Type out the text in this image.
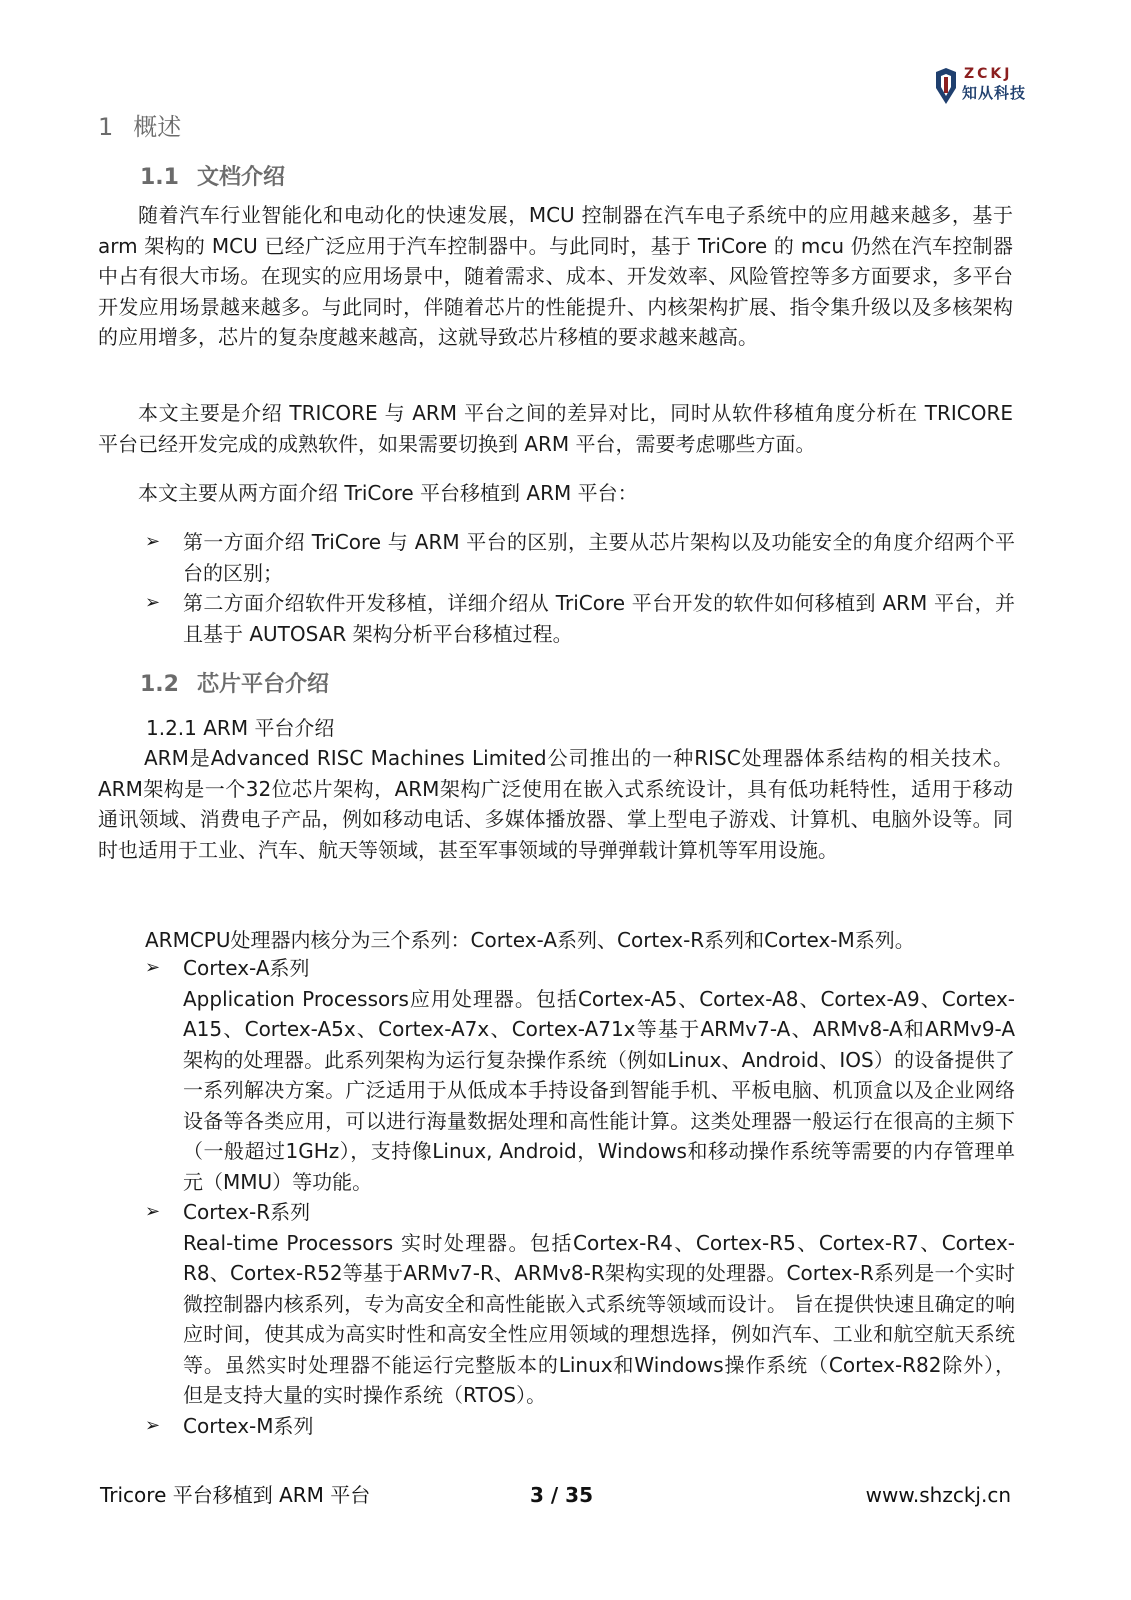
ZCKJ
知从科技
1 概述
1.1 文档介绍
随着汽车行业智能化和电动化的快速发展，MCU 控制器在汽车电子系统中的应用越来越多，基于 arm 架构的 MCU 已经广泛应用于汽车控制器中。与此同时，基于 TriCore 的 mcu 仍然在汽车控制器中占有很大市场。在现实的应用场景中，随着需求、成本、开发效率、风险管控等多方面要求，多平台开发应用场景越来越多。与此同时，伴随着芯片的性能提升、内核架构扩展、指令集升级以及多核架构的应用增多，芯片的复杂度越来越高，这就导致芯片移植的要求越来越高。
本文主要是介绍 TRICORE 与 ARM 平台之间的差异对比，同时从软件移植角度分析在 TRICORE 平台已经开发完成的成熟软件，如果需要切换到 ARM 平台，需要考虑哪些方面。
本文主要从两方面介绍 TriCore 平台移植到 ARM 平台：
➢	第一方面介绍 TriCore 与 ARM 平台的区别，主要从芯片架构以及功能安全的角度介绍两个平台的区别；
➢	第二方面介绍软件开发移植，详细介绍从 TriCore 平台开发的软件如何移植到 ARM 平台，并且基于 AUTOSAR 架构分析平台移植过程。
1.2 芯片平台介绍
1.2.1 ARM 平台介绍
ARM是Advanced RISC Machines Limited公司推出的一种RISC处理器体系结构的相关技术。ARM架构是一个32位芯片架构，ARM架构广泛使用在嵌入式系统设计，具有低功耗特性，适用于移动通讯领域、消费电子产品，例如移动电话、多媒体播放器、掌上型电子游戏、计算机、电脑外设等。同时也适用于工业、汽车、航天等领域，甚至军事领域的导弹弹载计算机等军用设施。
ARMCPU处理器内核分为三个系列：Cortex-A系列、Cortex-R系列和Cortex-M系列。
➢	Cortex-A系列
Application Processors应用处理器。包括Cortex-A5、Cortex-A8、Cortex-A9、Cortex-A15、Cortex-A5x、Cortex-A7x、Cortex-A71x等基于ARMv7-A、ARMv8-A和ARMv9-A架构的处理器。此系列架构为运行复杂操作系统（例如Linux、Android、IOS）的设备提供了一系列解决方案。广泛适用于从低成本手持设备到智能手机、平板电脑、机顶盒以及企业网络设备等各类应用，可以进行海量数据处理和高性能计算。这类处理器一般运行在很高的主频下（一般超过1GHz），支持像Linux, Android，Windows和移动操作系统等需要的内存管理单元（MMU）等功能。
➢	Cortex-R系列
Real-time Processors 实时处理器。包括Cortex-R4、Cortex-R5、Cortex-R7、Cortex-R8、Cortex-R52等基于ARMv7-R、ARMv8-R架构实现的处理器。Cortex-R系列是一个实时微控制器内核系列，专为高安全和高性能嵌入式系统等领域而设计。 旨在提供快速且确定的响应时间，使其成为高实时性和高安全性应用领域的理想选择，例如汽车、工业和航空航天系统等。虽然实时处理器不能运行完整版本的Linux和Windows操作系统（Cortex-R82除外）， 但是支持大量的实时操作系统（RTOS）。
➢	Cortex-M系列
Tricore 平台移植到 ARM 平台	3 / 35	www.shzckj.cn
